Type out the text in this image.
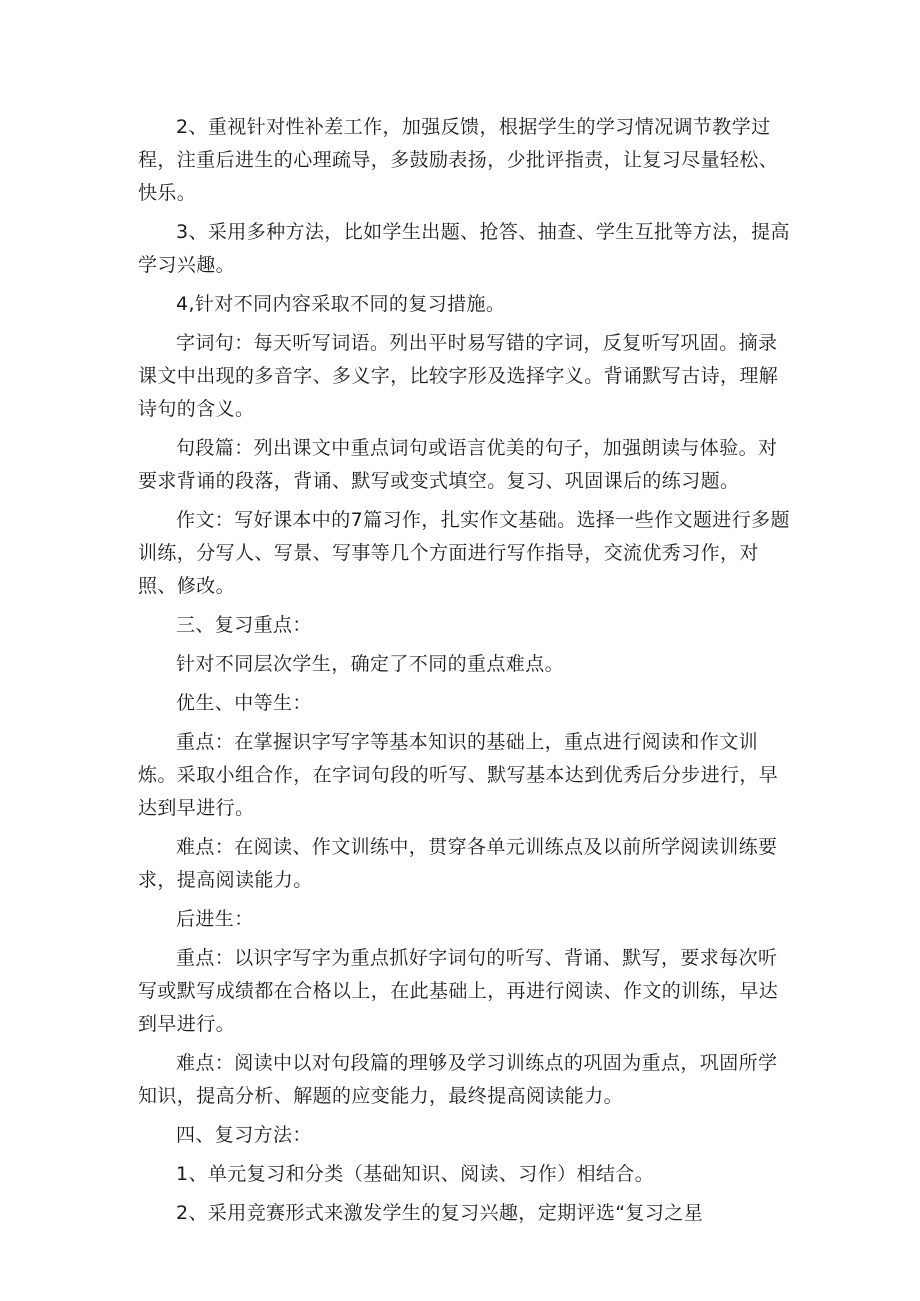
2、重视针对性补差工作，加强反馈，根据学生的学习情况调节教学过程，注重后进生的心理疏导，多鼓励表扬，少批评指责，让复习尽量轻松、快乐。

3、采用多种方法，比如学生出题、抢答、抽查、学生互批等方法，提高学习兴趣。

4,针对不同内容采取不同的复习措施。

字词句：每天听写词语。列出平时易写错的字词，反复听写巩固。摘录课文中出现的多音字、多义字，比较字形及选择字义。背诵默写古诗，理解诗句的含义。

句段篇：列出课文中重点词句或语言优美的句子，加强朗读与体验。对要求背诵的段落，背诵、默写或变式填空。复习、巩固课后的练习题。

作文：写好课本中的7篇习作，扎实作文基础。选择一些作文题进行多题训练，分写人、写景、写事等几个方面进行写作指导，交流优秀习作，对照、修改。

三、复习重点：

针对不同层次学生，确定了不同的重点难点。

优生、中等生：

重点：在掌握识字写字等基本知识的基础上，重点进行阅读和作文训炼。采取小组合作，在字词句段的听写、默写基本达到优秀后分步进行，早达到早进行。

难点：在阅读、作文训练中，贯穿各单元训练点及以前所学阅读训练要求，提高阅读能力。

后进生：

重点：以识字写字为重点抓好字词句的听写、背诵、默写，要求每次听写或默写成绩都在合格以上，在此基础上，再进行阅读、作文的训练，早达到早进行。

难点：阅读中以对句段篇的理够及学习训练点的巩固为重点，巩固所学知识，提高分析、解题的应变能力，最终提高阅读能力。

四、复习方法：

1、单元复习和分类（基础知识、阅读、习作）相结合。

2、采用竞赛形式来激发学生的复习兴趣，定期评选“复习之星
